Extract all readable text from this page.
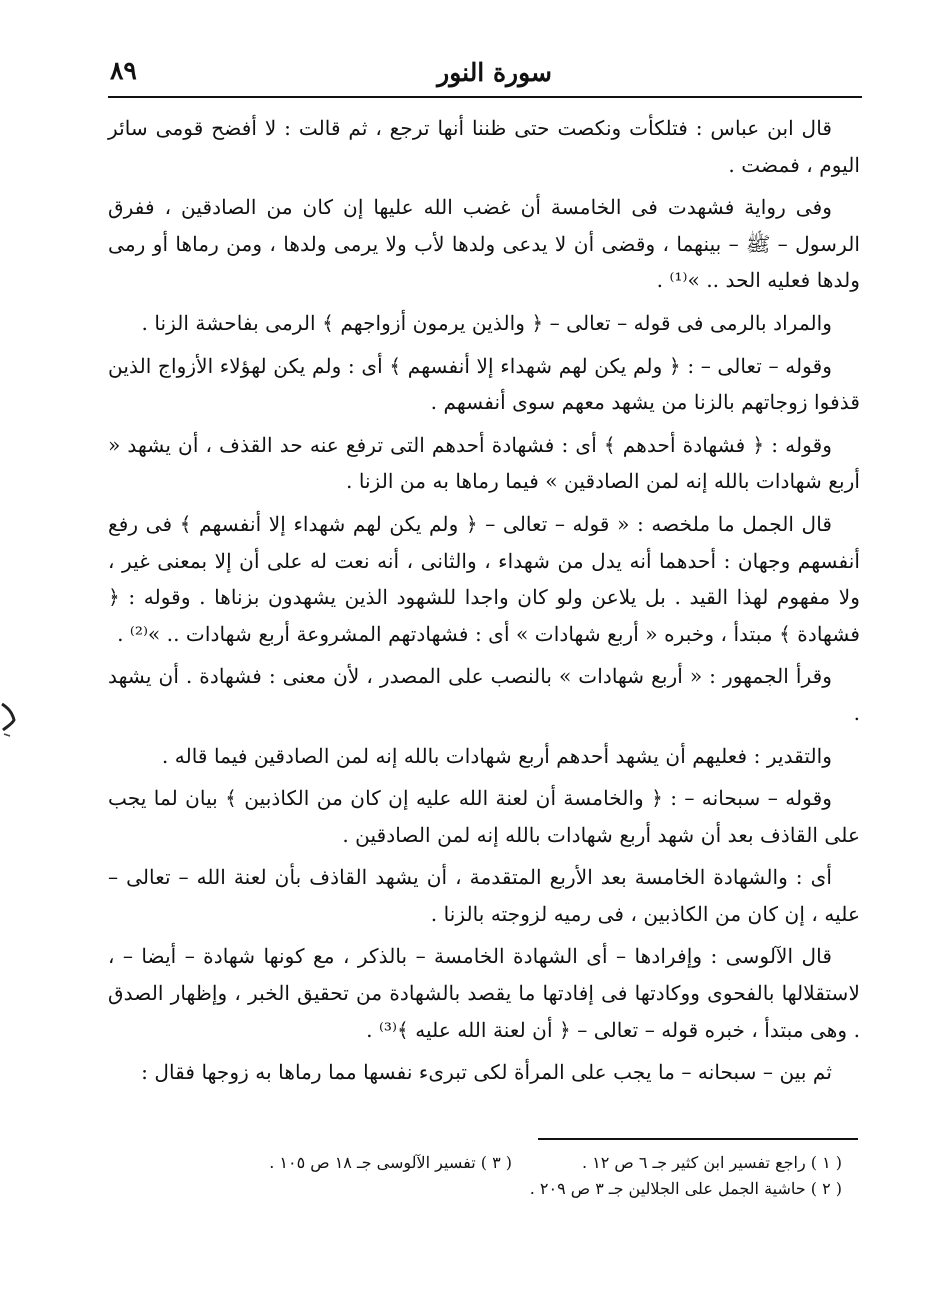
سورة النور
٨٩

قال ابن عباس : فتلكأت ونكصت حتى ظننا أنها ترجع ، ثم قالت : لا أفضح قومى سائر اليوم ، فمضت .

وفى رواية فشهدت فى الخامسة أن غضب الله عليها إن كان من الصادقين ، ففرق الرسول – ﷺ – بينهما ، وقضى أن لا يدعى ولدها لأب ولا يرمى ولدها ، ومن رماها أو رمى ولدها فعليه الحد .. »⁽¹⁾ .

والمراد بالرمى فى قوله – تعالى – ﴿ والذين يرمون أزواجهم ﴾ الرمى بفاحشة الزنا .

وقوله – تعالى – : ﴿ ولم يكن لهم شهداء إلا أنفسهم ﴾ أى : ولم يكن لهؤلاء الأزواج الذين قذفوا زوجاتهم بالزنا من يشهد معهم سوى أنفسهم .

وقوله : ﴿ فشهادة أحدهم ﴾ أى : فشهادة أحدهم التى ترفع عنه حد القذف ، أن يشهد « أربع شهادات بالله إنه لمن الصادقين » فيما رماها به من الزنا .

قال الجمل ما ملخصه : « قوله – تعالى – ﴿ ولم يكن لهم شهداء إلا أنفسهم ﴾ فى رفع أنفسهم وجهان : أحدهما أنه يدل من شهداء ، والثانى ، أنه نعت له على أن إلا بمعنى غير ، ولا مفهوم لهذا القيد . بل يلاعن ولو كان واجدا للشهود الذين يشهدون بزناها . وقوله : ﴿ فشهادة ﴾ مبتدأ ، وخبره « أربع شهادات » أى : فشهادتهم المشروعة أربع شهادات .. »⁽²⁾ .

وقرأ الجمهور : « أربع شهادات » بالنصب على المصدر ، لأن معنى : فشهادة . أن يشهد .

والتقدير : فعليهم أن يشهد أحدهم أربع شهادات بالله إنه لمن الصادقين فيما قاله .

وقوله – سبحانه – : ﴿ والخامسة أن لعنة الله عليه إن كان من الكاذبين ﴾ بيان لما يجب على القاذف بعد أن شهد أربع شهادات بالله إنه لمن الصادقين .

أى : والشهادة الخامسة بعد الأربع المتقدمة ، أن يشهد القاذف بأن لعنة الله – تعالى – عليه ، إن كان من الكاذبين ، فى رميه لزوجته بالزنا .

قال الآلوسى : وإفرادها – أى الشهادة الخامسة – بالذكر ، مع كونها شهادة – أيضا – ، لاستقلالها بالفحوى ووكادتها فى إفادتها ما يقصد بالشهادة من تحقيق الخبر ، وإظهار الصدق . وهى مبتدأ ، خبره قوله – تعالى – ﴿ أن لعنة الله عليه ﴾⁽³⁾ .

ثم بين – سبحانه – ما يجب على المرأة لكى تبرىء نفسها مما رماها به زوجها فقال :

( ١ ) راجع تفسير ابن كثير جـ ٦ ص ١٢ .
( ٣ ) تفسير الآلوسى جـ ١٨ ص ١٠٥ .
( ٢ ) حاشية الجمل على الجلالين جـ ٣ ص ٢٠٩ .
